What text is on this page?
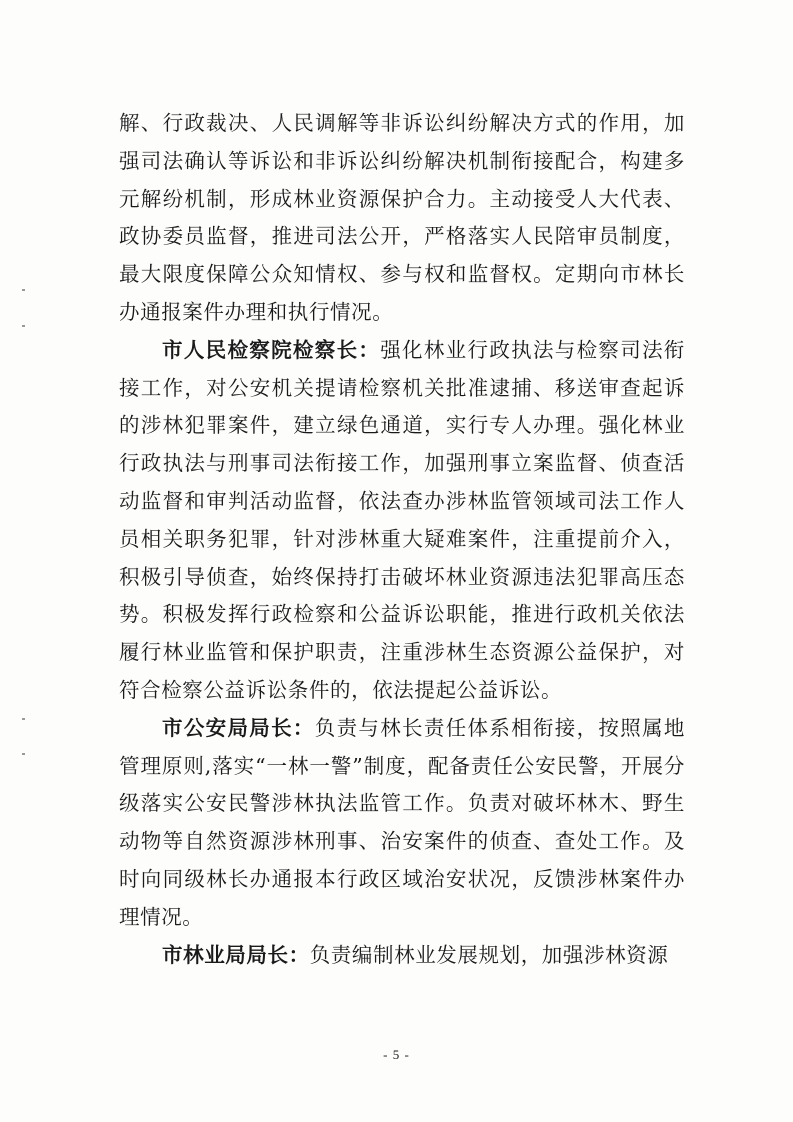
解、行政裁决、人民调解等非诉讼纠纷解决方式的作用，加强司法确认等诉讼和非诉讼纠纷解决机制衔接配合，构建多元解纷机制，形成林业资源保护合力。主动接受人大代表、政协委员监督，推进司法公开，严格落实人民陪审员制度，最大限度保障公众知情权、参与权和监督权。定期向市林长办通报案件办理和执行情况。

市人民检察院检察长：强化林业行政执法与检察司法衔接工作，对公安机关提请检察机关批准逮捕、移送审查起诉的涉林犯罪案件，建立绿色通道，实行专人办理。强化林业行政执法与刑事司法衔接工作，加强刑事立案监督、侦查活动监督和审判活动监督，依法查办涉林监管领域司法工作人员相关职务犯罪，针对涉林重大疑难案件，注重提前介入，积极引导侦查，始终保持打击破坏林业资源违法犯罪高压态势。积极发挥行政检察和公益诉讼职能，推进行政机关依法履行林业监管和保护职责，注重涉林生态资源公益保护，对符合检察公益诉讼条件的，依法提起公益诉讼。

市公安局局长：负责与林长责任体系相衔接，按照属地管理原则,落实“一林一警”制度，配备责任公安民警，开展分级落实公安民警涉林执法监管工作。负责对破坏林木、野生动物等自然资源涉林刑事、治安案件的侦查、查处工作。及时向同级林长办通报本行政区域治安状况，反馈涉林案件办理情况。

市林业局局长：负责编制林业发展规划，加强涉林资源

- 5 -
